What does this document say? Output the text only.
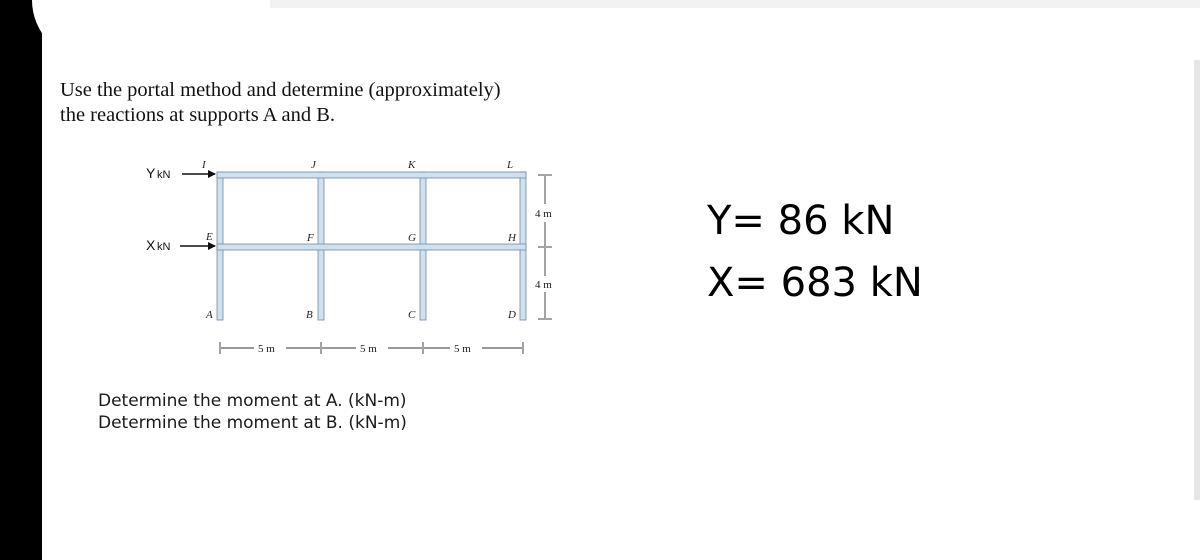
Use the portal method and determine (approximately)
the reactions at supports A and B.
I	J	K	L
E	F	G	H
A	B	C	D
Y kN
X kN
5 m	5 m	5 m
4 m
4 m
Determine the moment at A. (kN-m)
Determine the moment at B. (kN-m)
Y= 86 kN
X= 683 kN
